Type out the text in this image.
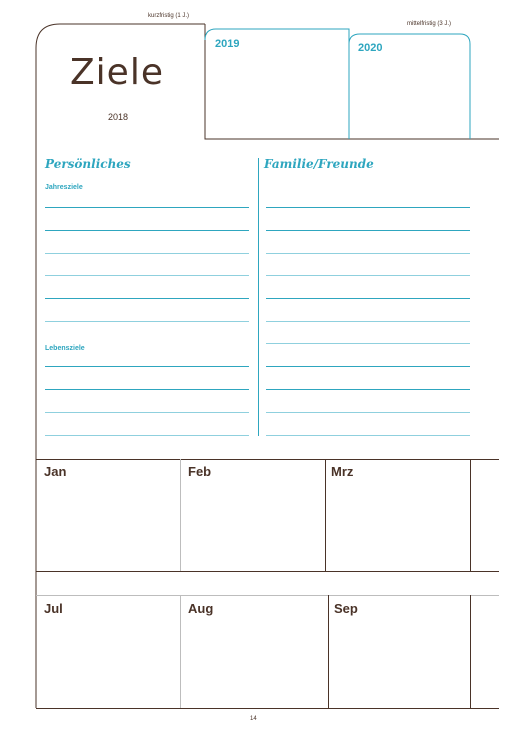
kurzfristig (1 J.)
mittelfristig (3 J.)
Ziele
2018
2019	2020
Persönliches	Familie/Freunde
Jahresziele
Lebensziele
Jan	Feb	Mrz
Jul	Aug	Sep
14
